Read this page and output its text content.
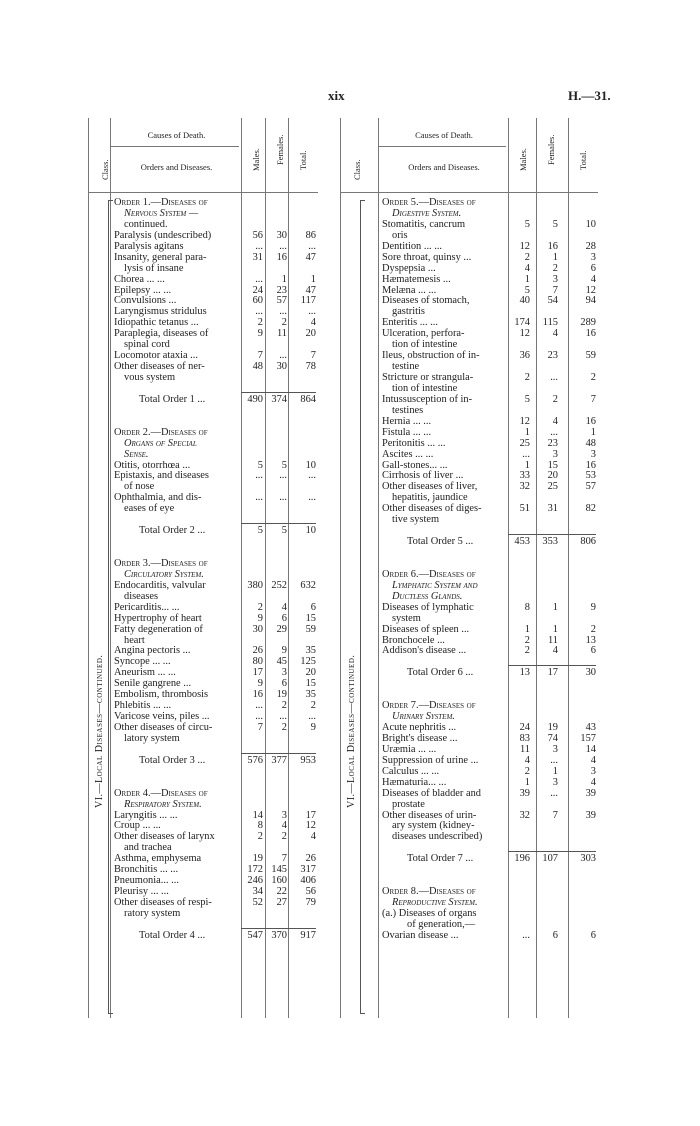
xix	H.—31.
Class.
Causes of Death.
Orders and Diseases.	Males. Females. Total.
VI.—Local Diseases—continued.
Order 1.—Diseases of
Nervous System —
continued.
Paralysis (undescribed)	56	30	86
Paralysis agitans	...	...	...
Insanity, general para-	31	16	47
lysis of insane
Chorea ... ...	...	1	1
Epilepsy ... ...	24	23	47
Convulsions ...	60	57	117
Laryngismus stridulus	...	...	...
Idiopathic tetanus ...	2	2	4
Paraplegia, diseases of	9	11	20
spinal cord
Locomotor ataxia ...	7	...	7
Other diseases of ner-	48	30	78
vous system
Total Order 1 ...	490 374	864
Order 2.—Diseases of
Organs of Special
Sense.
Otitis, otorrhœa ...	5	5	10
Epistaxis, and diseases	...	...	...
of nose
Ophthalmia, and dis-	...	...	...
eases of eye
Total Order 2 ...	5	5	10
Order 3.—Diseases of
Circulatory System.
Endocarditis, valvular	380 252	632
diseases
Pericarditis... ...	2	4	6
Hypertrophy of heart	9	6	15
Fatty degeneration of	30	29	59
heart
Angina pectoris ...	26	9	35
Syncope ... ...	80	45	125
Aneurism ... ...	17	3	20
Senile gangrene ...	9	6	15
Embolism, thrombosis	16	19	35
Phlebitis ... ...	...	2	2
Varicose veins, piles ...	...	...	...
Other diseases of circu-	7	2	9
latory system
Total Order 3 ...	576 377	953
Order 4.—Diseases of
Respiratory System.
Laryngitis ... ...	14	3	17
Croup ... ...	8	4	12
Other diseases of larynx	2	2	4
and trachea
Asthma, emphysema	19	7	26
Bronchitis ... ...	172 145	317
Pneumonia... ...	246 160	406
Pleurisy ... ...	34	22	56
Other diseases of respi-	52	27	79
ratory system
Total Order 4 ...	547 370	917
Class.
Causes of Death.
Orders and Diseases.	Males. Females.	Total.
VI.—Local Diseases—continued.
Order 5.—Diseases of
Digestive System.
Stomatitis, cancrum	5	5	10
oris
Dentition ... ...	12	16	28
Sore throat, quinsy ...	2	1	3
Dyspepsia ...	4	2	6
Hæmatemesis ...	1	3	4
Melæna ... ...	5	7	12
Diseases of stomach,	40	54	94
gastritis
Enteritis ... ...	174	115	289
Ulceration, perfora-	12	4	16
tion of intestine
Ileus, obstruction of in-	36	23	59
testine
Stricture or strangula-	2	...	2
tion of intestine
Intussusception of in-	5	2	7
testines
Hernia ... ...	12	4	16
Fistula ... ...	1	...	1
Peritonitis ... ...	25	23	48
Ascites ... ...	...	3	3
Gall-stones... ...	1	15	16
Cirrhosis of liver ...	33	20	53
Other diseases of liver,	32	25	57
hepatitis, jaundice
Other diseases of diges-	51	31	82
tive system
Total Order 5 ...	453	353	806
Order 6.—Diseases of
Lymphatic System and
Ductless Glands.
Diseases of lymphatic	8	1	9
system
Diseases of spleen ...	1	1	2
Bronchocele ...	2	11	13
Addison's disease ...	2	4	6
Total Order 6 ...	13	17	30
Order 7.—Diseases of
Urinary System.
Acute nephritis ...	24	19	43
Bright's disease ...	83	74	157
Uræmia ... ...	11	3	14
Suppression of urine ...	4	...	4
Calculus ... ...	2	1	3
Hæmaturia... ...	1	3	4
Diseases of bladder and	39	...	39
prostate
Other diseases of urin-	32	7	39
ary system (kidney-
diseases undescribed)
Total Order 7 ...	196	107	303
Order 8.—Diseases of
Reproductive System.
(a.) Diseases of organs
of generation,—
Ovarian disease ...	...	6	6
